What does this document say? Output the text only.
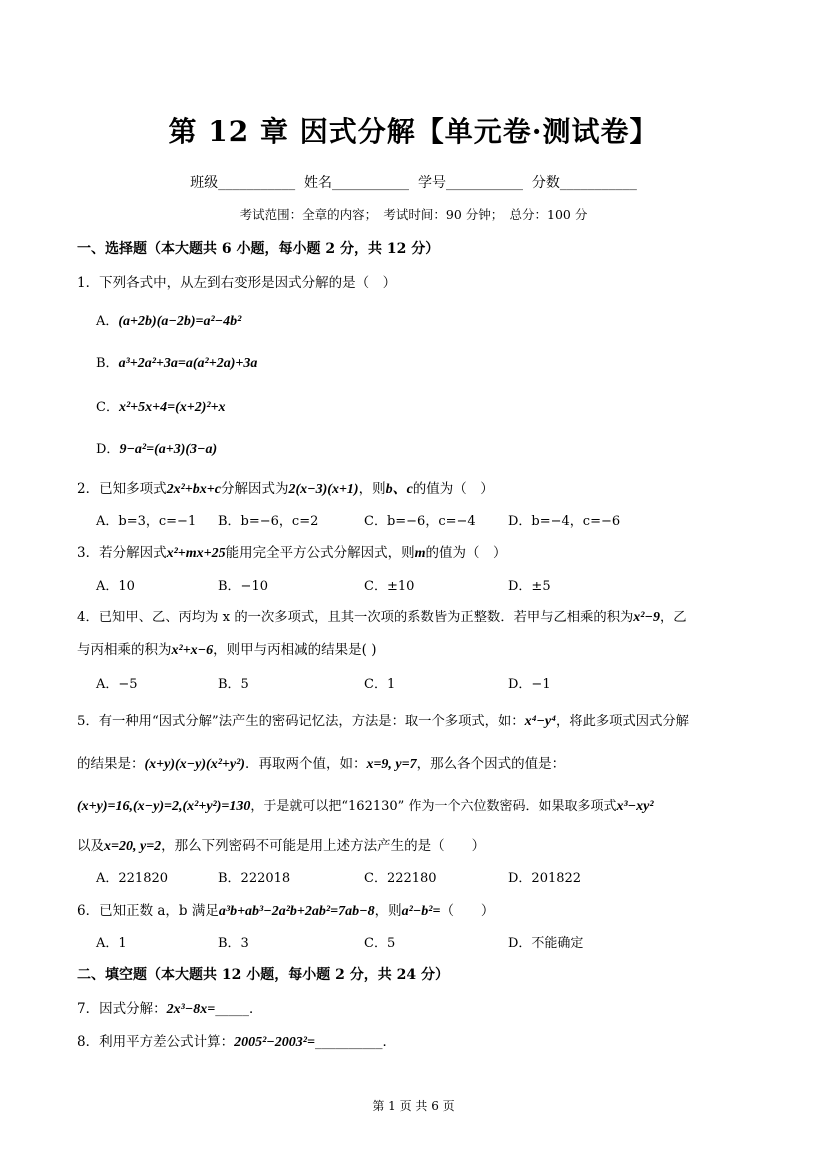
第 12 章 因式分解【单元卷·测试卷】
班级___________ 姓名___________ 学号___________ 分数___________
考试范围：全章的内容；　考试时间：90 分钟；　总分：100 分
一、选择题（本大题共 6 小题，每小题 2 分，共 12 分）
1．下列各式中，从左到右变形是因式分解的是（　）
A．(a+2b)(a−2b)=a²−4b²
B．a³+2a²+3a=a(a²+2a)+3a
C．x²+5x+4=(x+2)²+x
D．9−a²=(a+3)(3−a)
2．已知多项式2x²+bx+c分解因式为2(x−3)(x+1)，则b、c的值为（　）
A．b=3，c=−1 B．b=−6，c=2	C．b=−6，c=−4 D．b=−4，c=−6
3．若分解因式x²+mx+25能用完全平方公式分解因式，则m的值为（　）
A．10	B．−10	C．±10	D．±5
4．已知甲、乙、丙均为 x 的一次多项式，且其一次项的系数皆为正整数．若甲与乙相乘的积为x²−9，乙
与丙相乘的积为x²+x−6，则甲与丙相减的结果是( )
A．−5	B．5	C．1	D．−1
5．有一种用“因式分解”法产生的密码记忆法，方法是：取一个多项式，如：x⁴−y⁴，将此多项式因式分解
的结果是：(x+y)(x−y)(x²+y²)．再取两个值，如：x=9, y=7，那么各个因式的值是：
(x+y)=16,(x−y)=2,(x²+y²)=130，于是就可以把“162130” 作为一个六位数密码．如果取多项式x³−xy²
以及x=20, y=2，那么下列密码不可能是用上述方法产生的是（　　）
A．221820	B．222018	C．222180	D．201822
6．已知正数 a，b 满足a³b+ab³−2a²b+2ab²=7ab−8，则a²−b²=（　　）
A．1	B．3	C．5	D．不能确定
二、填空题（本大题共 12 小题，每小题 2 分，共 24 分）
7．因式分解：2x³−8x=_____．
8．利用平方差公式计算：2005²−2003²=__________．
第 1 页 共 6 页
